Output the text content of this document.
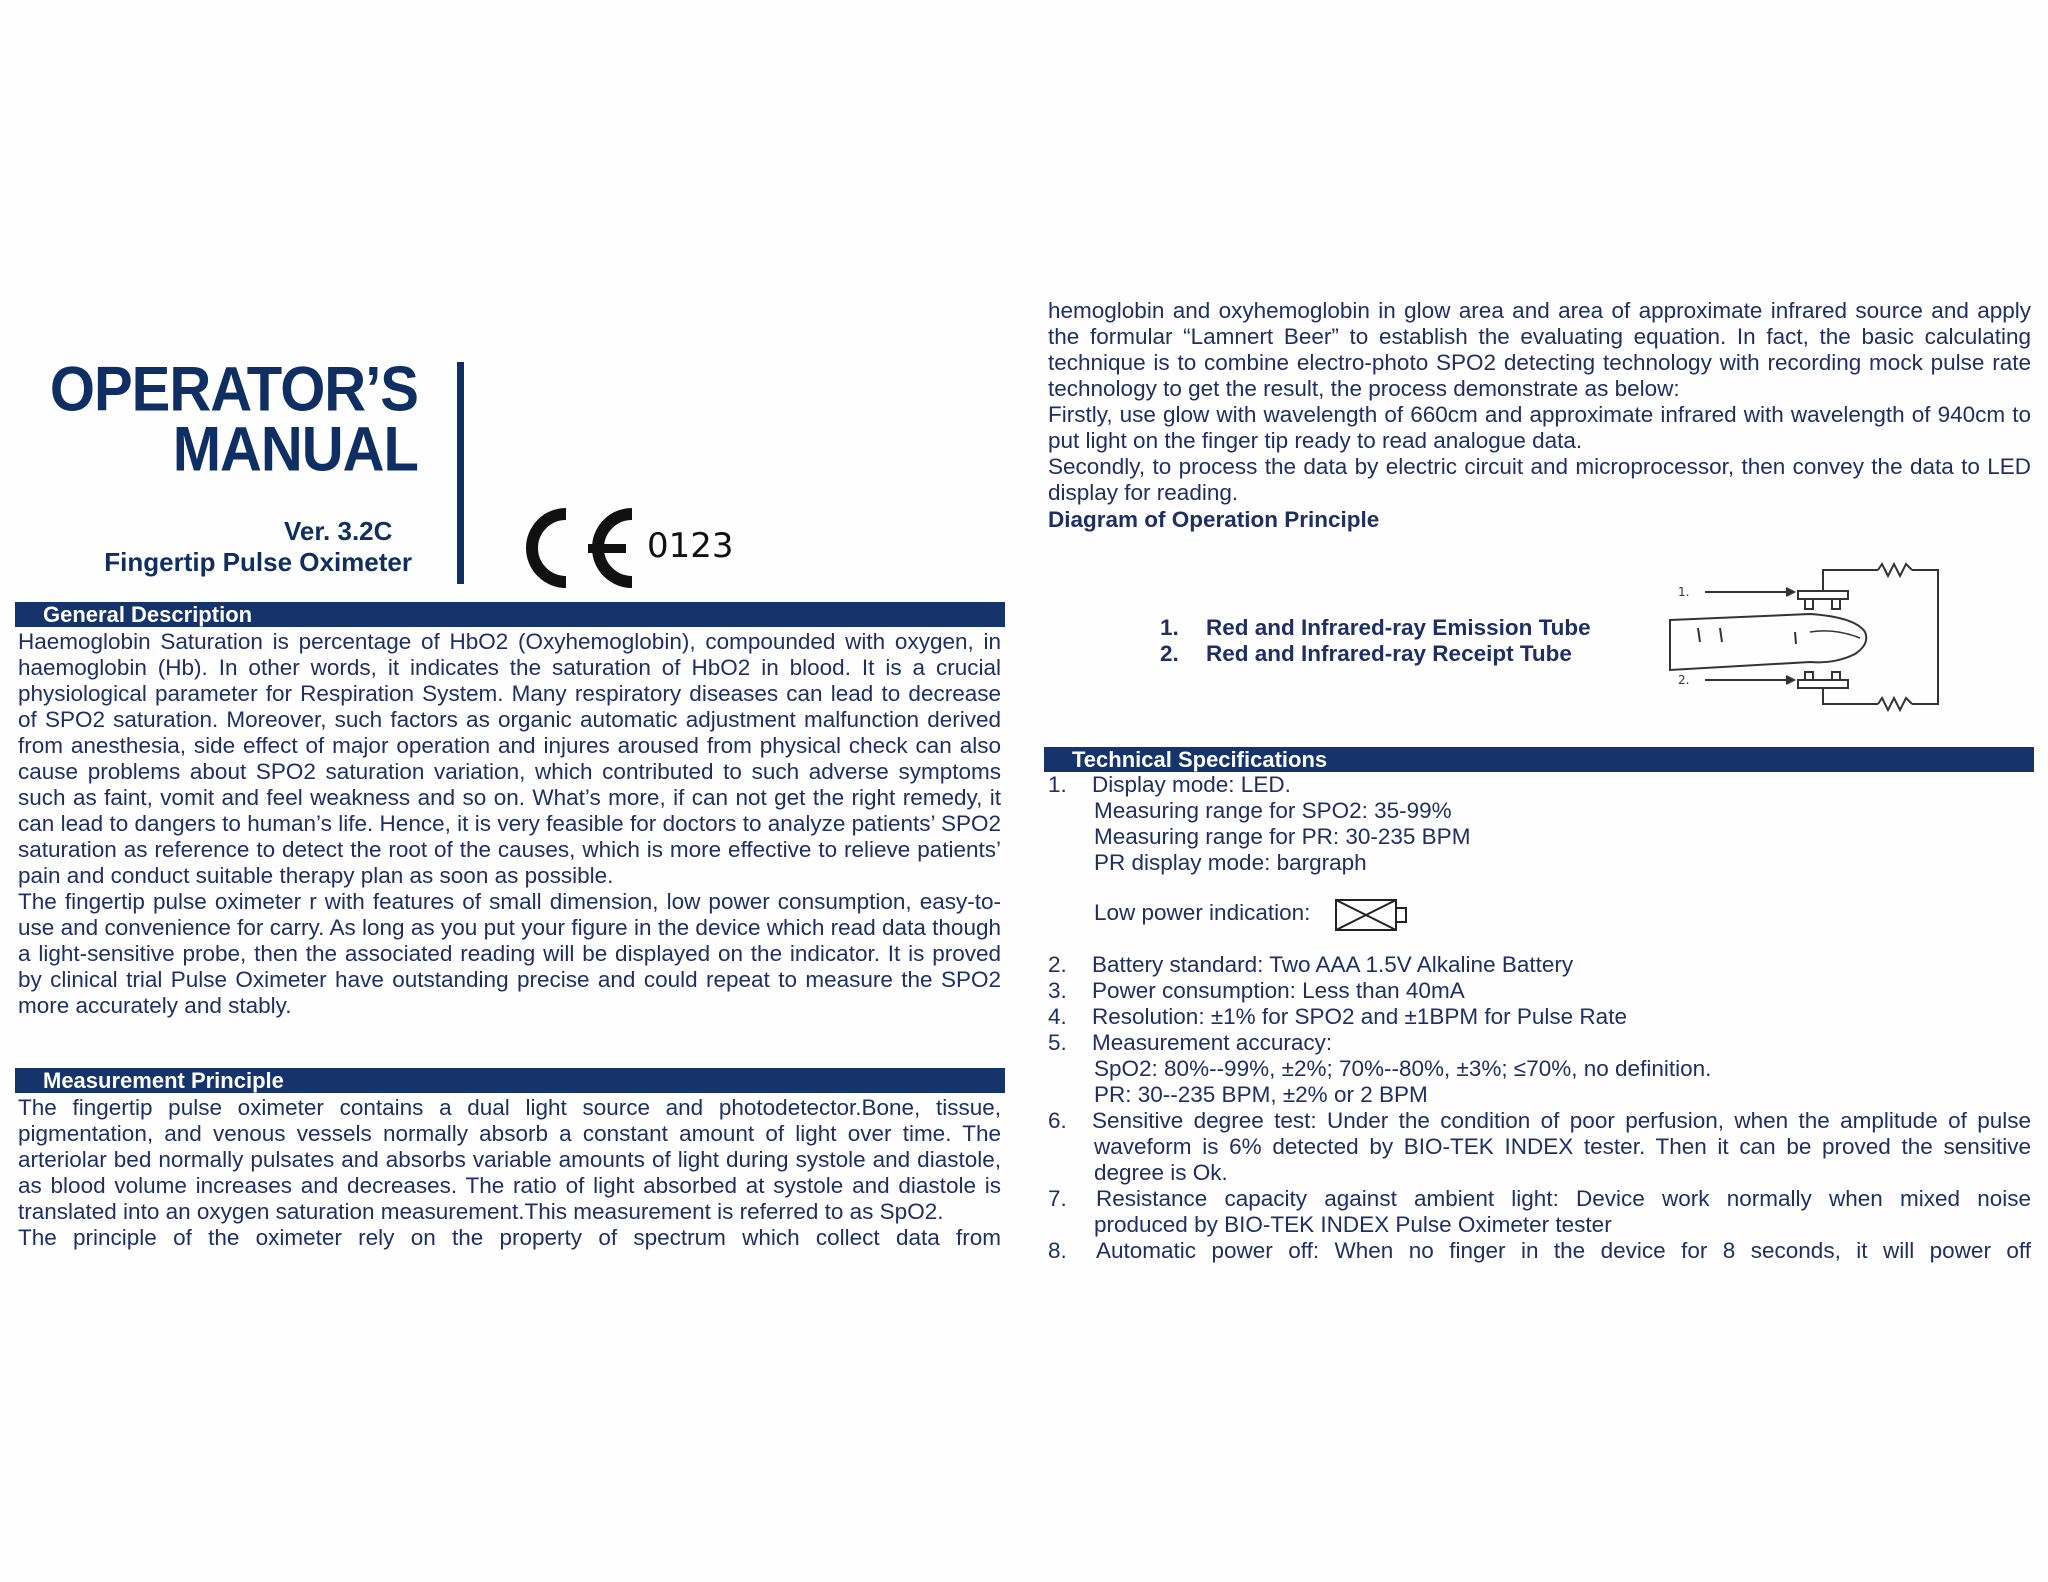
OPERATOR’S
MANUAL
Ver. 3.2C
Fingertip Pulse Oximeter	0123
General Description

Haemoglobin Saturation is percentage of HbO2 (Oxyhemoglobin), compounded with oxygen, in haemoglobin (Hb). In other words, it indicates the saturation of HbO2 in blood. It is a crucial physiological parameter for Respiration System. Many respiratory diseases can lead to decrease of SPO2 saturation. Moreover, such factors as organic automatic adjustment malfunction derived from anesthesia, side effect of major operation and injures aroused from physical check can also cause problems about SPO2 saturation variation, which contributed to such adverse symptoms such as faint, vomit and feel weakness and so on. What’s more, if can not get the right remedy, it can lead to dangers to human’s life. Hence, it is very feasible for doctors to analyze patients’ SPO2 saturation as reference to detect the root of the causes, which is more effective to relieve patients’ pain and conduct suitable therapy plan as soon as possible.

The fingertip pulse oximeter r with features of small dimension, low power consumption, easy-to-use and convenience for carry. As long as you put your figure in the device which read data though a light-sensitive probe, then the associated reading will be displayed on the indicator. It is proved by clinical trial Pulse Oximeter have outstanding precise and could repeat to measure the SPO2 more accurately and stably.

Measurement Principle

The fingertip pulse oximeter contains a dual light source and photodetector.Bone, tissue, pigmentation, and venous vessels normally absorb a constant amount of light over time. The arteriolar bed normally pulsates and absorbs variable amounts of light during systole and diastole, as blood volume increases and decreases. The ratio of light absorbed at systole and diastole is translated into an oxygen saturation measurement.This measurement is referred to as SpO2.

The principle of the oximeter rely on the property of spectrum which collect data from

hemoglobin and oxyhemoglobin in glow area and area of approximate infrared source and apply the formular “Lamnert Beer” to establish the evaluating equation. In fact, the basic calculating technique is to combine electro-photo SPO2 detecting technology with recording mock pulse rate technology to get the result, the process demonstrate as below:

Firstly, use glow with wavelength of 660cm and approximate infrared with wavelength of 940cm to put light on the finger tip ready to read analogue data.

Secondly, to process the data by electric circuit and microprocessor, then convey the data to LED display for reading.

Diagram of Operation Principle
1. Red and Infrared-ray Emission Tube
2. Red and Infrared-ray Receipt Tube
1.
2.
Technical Specifications
1. Display mode: LED.
Measuring range for SPO2: 35-99%
Measuring range for PR: 30-235 BPM
PR display mode: bargraph
Low power indication:
2. Battery standard: Two AAA 1.5V Alkaline Battery
3. Power consumption: Less than 40mA
4. Resolution: ±1% for SPO2 and ±1BPM for Pulse Rate
5. Measurement accuracy:
SpO2: 80%--99%, ±2%; 70%--80%, ±3%; ≤70%, no definition.
PR: 30--235 BPM, ±2% or 2 BPM
6. Sensitive degree test: Under the condition of poor perfusion, when the amplitude of pulse
waveform is 6% detected by BIO-TEK INDEX tester. Then it can be proved the sensitive
degree is Ok.
7. Resistance capacity against ambient light: Device work normally when mixed noise
produced by BIO-TEK INDEX Pulse Oximeter tester
8. Automatic power off: When no finger in the device for 8 seconds, it will power off
